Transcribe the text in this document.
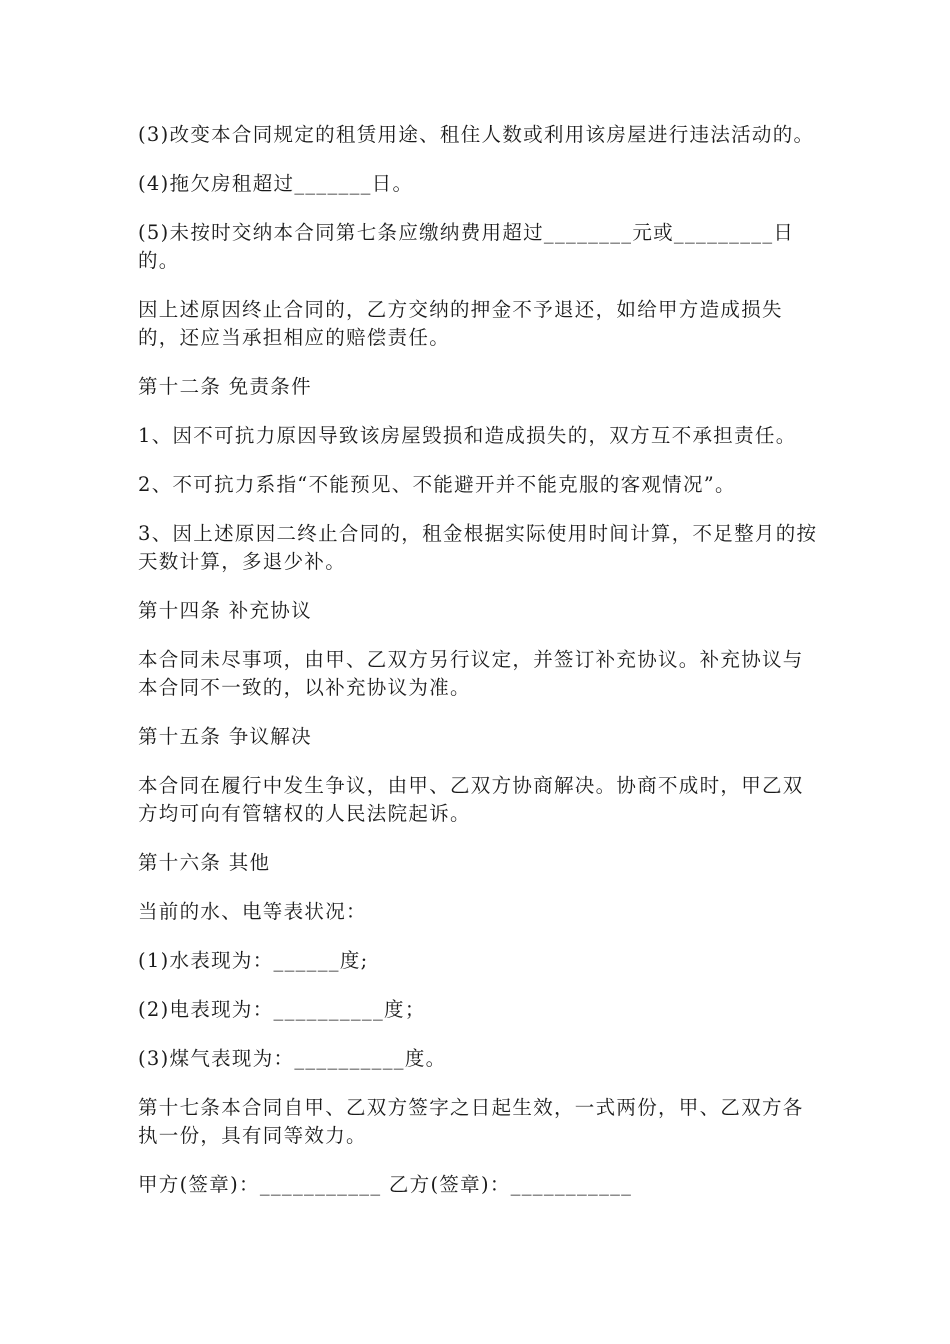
(3)改变本合同规定的租赁用途、租住人数或利用该房屋进行违法活动的。

(4)拖欠房租超过_______日。

(5)未按时交纳本合同第七条应缴纳费用超过________元或_________日的。

因上述原因终止合同的，乙方交纳的押金不予退还，如给甲方造成损失的，还应当承担相应的赔偿责任。

第十二条 免责条件

1、因不可抗力原因导致该房屋毁损和造成损失的，双方互不承担责任。

2、不可抗力系指“不能预见、不能避开并不能克服的客观情况”。

3、因上述原因二终止合同的，租金根据实际使用时间计算，不足整月的按天数计算，多退少补。

第十四条 补充协议

本合同未尽事项，由甲、乙双方另行议定，并签订补充协议。补充协议与本合同不一致的，以补充协议为准。

第十五条 争议解决

本合同在履行中发生争议，由甲、乙双方协商解决。协商不成时，甲乙双方均可向有管辖权的人民法院起诉。

第十六条 其他

当前的水、电等表状况：

(1)水表现为：______度;

(2)电表现为：__________度；

(3)煤气表现为：__________度。

第十七条本合同自甲、乙双方签字之日起生效，一式两份，甲、乙双方各执一份，具有同等效力。

甲方(签章)：___________ 乙方(签章)：___________
